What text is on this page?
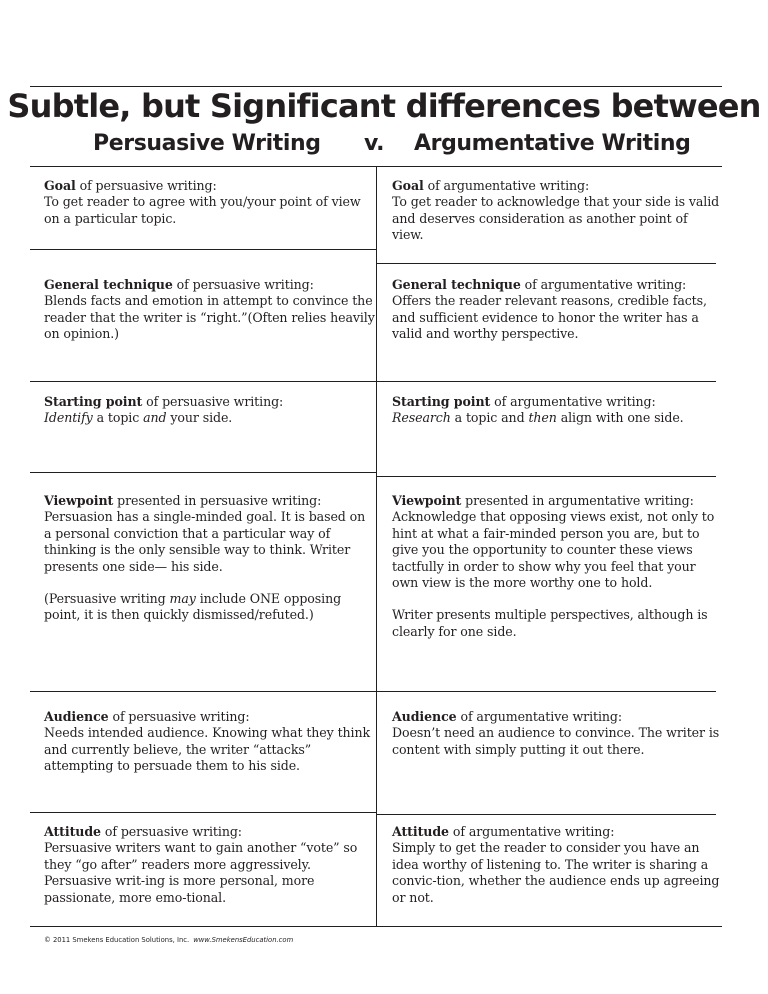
Subtle, but Significant differences between
Persuasive Writing v. Argumentative Writing

Goal of persuasive writing:

To get reader to agree with you/your point of view on a particular topic.

Goal of argumentative writing:

To get reader to acknowledge that your side is valid and deserves consideration as another point of view.

General technique of persuasive writing:

Blends facts and emotion in attempt to convince the reader that the writer is “right.”(Often relies heavily on opinion.)

General technique of argumentative writing:

Offers the reader relevant reasons, credible facts, and sufficient evidence to honor the writer has a valid and worthy perspective.

Starting point of persuasive writing:

Identify a topic and your side.

Starting point of argumentative writing:

Research a topic and then align with one side.

Viewpoint presented in persuasive writing:

Persuasion has a single-minded goal. It is based on a personal conviction that a particular way of thinking is the only sensible way to think. Writer presents one side— his side.

(Persuasive writing may include ONE opposing point, it is then quickly dismissed/refuted.)

Viewpoint presented in argumentative writing:

Acknowledge that opposing views exist, not only to hint at what a fair-minded person you are, but to give you the opportunity to counter these views tactfully in order to show why you feel that your own view is the more worthy one to hold.

Writer presents multiple perspectives, although is clearly for one side.

Audience of persuasive writing:

Needs intended audience. Knowing what they think and currently believe, the writer “attacks” attempting to persuade them to his side.

Audience of argumentative writing:

Doesn’t need an audience to convince. The writer is content with simply putting it out there.

Attitude of persuasive writing:

Persuasive writers want to gain another “vote” so they “go after” readers more aggressively. Persuasive writ-ing is more personal, more passionate, more emo-tional.

Attitude of argumentative writing:

Simply to get the reader to consider you have an idea worthy of listening to. The writer is sharing a convic-tion, whether the audience ends up agreeing or not.

© 2011 Smekens Education Solutions, Inc. www.SmekensEducation.com
